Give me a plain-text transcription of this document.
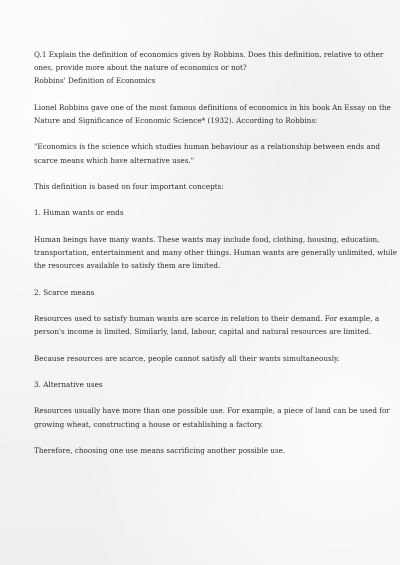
Q.1 Explain the definition of economics given by Robbins. Does this definition, relative to other
ones, provide more about the nature of economics or not?
Robbins' Definition of Economics

Lionel Robbins gave one of the most famous definitions of economics in his book An Essay on the
Nature and Significance of Economic Science* (1932). According to Robbins:

"Economics is the science which studies human behaviour as a relationship between ends and
scarce means which have alternative uses."

This definition is based on four important concepts:

1. Human wants or ends

Human beings have many wants. These wants may include food, clothing, housing, education,
transportation, entertainment and many other things. Human wants are generally unlimited, while
the resources available to satisfy them are limited.

2. Scarce means

Resources used to satisfy human wants are scarce in relation to their demand. For example, a
person's income is limited. Similarly, land, labour, capital and natural resources are limited.

Because resources are scarce, people cannot satisfy all their wants simultaneously.

3. Alternative uses

Resources usually have more than one possible use. For example, a piece of land can be used for
growing wheat, constructing a house or establishing a factory.

Therefore, choosing one use means sacrificing another possible use.
